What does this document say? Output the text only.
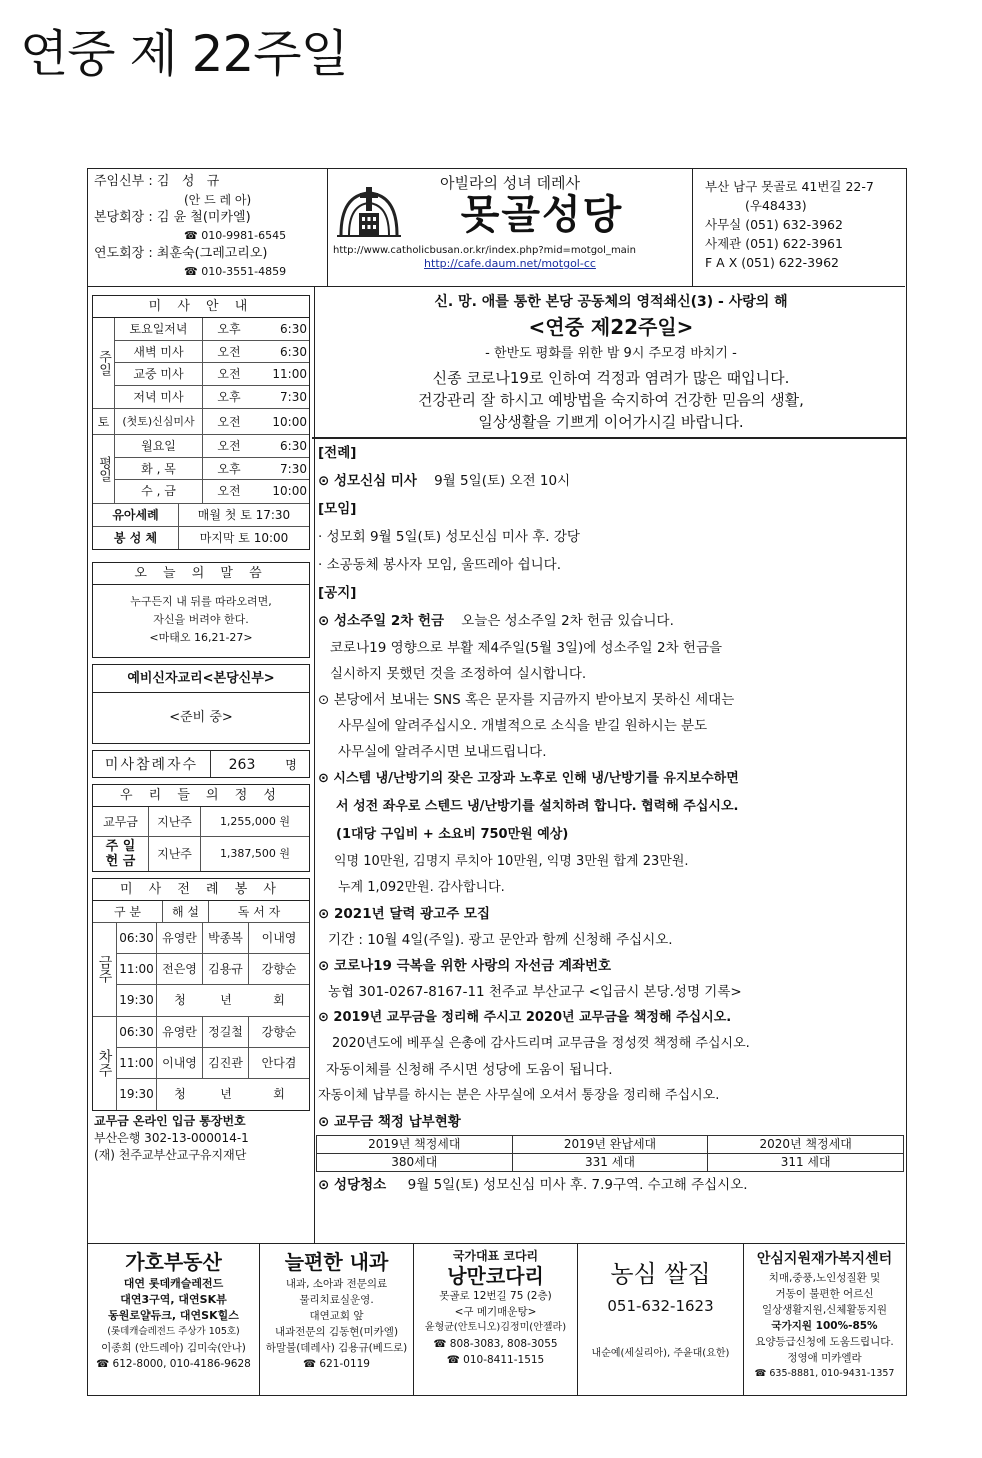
연중 제 22주일
주임신부 : 김   성   규
(안 드 레 아)
본당회장 : 김 윤 철(미카엘)
☎ 010-9981-6545
연도회장 : 최훈숙(그레고리오)
☎ 010-3551-4859
아빌라의 성녀 데레사
못골성당
http://www.catholicbusan.or.kr/index.php?mid=motgol_main
http://cafe.daum.net/motgol-cc
부산 남구 못골로 41번길 22-7
(우48433)
사무실 (051) 632-3962
사제관 (051) 622-3961
F A X (051) 622-3962
미 사 안 내
주일
토요일저녁	오후	6:30
새벽 미사	오전	6:30
교중 미사	오전	11:00
저녁 미사	오후	7:30
토	(첫토)신심미사	오전	10:00
평일
월요일	오전	6:30
화 , 목	오후	7:30
수 , 금	오전	10:00
유아세례	매월 첫 토 17:30
봉 성 체	마지막 토 10:00
오 늘 의 말 씀
누구든지 내 뒤를 따라오려면,
자신을 버려야 한다.
<마태오 16,21-27>
예비신자교리<본당신부>
<준비 중>
미사참례자수	263	명
우 리 들 의 정 성
교무금	지난주	1,255,000 원
주 일
헌 금	지난주	1,387,500 원
미 사 전 례 봉 사
구 분	해 설	독 서 자
금주
06:30 유영란 박종복	이내영
11:00 전은영 김용규	강향순
19:30	청	년	회
차주
06:30 유영란 정길철	강향순
11:00 이내영 김진관	안다겸
19:30	청	년	회
교무금 온라인 입금 통장번호
부산은행 302-13-000014-1
(재) 천주교부산교구유지재단
신. 망. 애를 통한 본당 공동체의 영적쇄신(3) - 사랑의 해
<연중 제22주일>
- 한반도 평화를 위한 밤 9시 주모경 바치기 -
신종 코로나19로 인하여 걱정과 염려가 많은 때입니다.
건강관리 잘 하시고 예방법을 숙지하여 건강한 믿음의 생활,
일상생활을 기쁘게 이어가시길 바랍니다.
[전례]
⊙ 성모신심 미사 9월 5일(토) 오전 10시
[모임]
· 성모회 9월 5일(토) 성모신심 미사 후. 강당
· 소공동체 봉사자 모임, 울뜨레아 쉽니다.
[공지]
⊙ 성소주일 2차 헌금 오늘은 성소주일 2차 헌금 있습니다.
코로나19 영향으로 부활 제4주일(5월 3일)에 성소주일 2차 헌금을
실시하지 못했던 것을 조정하여 실시합니다.
⊙ 본당에서 보내는 SNS 혹은 문자를 지금까지 받아보지 못하신 세대는
사무실에 알려주십시오. 개별적으로 소식을 받길 원하시는 분도
사무실에 알려주시면 보내드립니다.
⊙ 시스템 냉/난방기의 잦은 고장과 노후로 인해 냉/난방기를 유지보수하면
서 성전 좌우로 스텐드 냉/난방기를 설치하려 합니다. 협력해 주십시오.
(1대당 구입비 + 소요비 750만원 예상)
익명 10만원, 김명지 루치아 10만원, 익명 3만원 합계 23만원.
누계 1,092만원. 감사합니다.
⊙ 2021년 달력 광고주 모집
기간 : 10월 4일(주일). 광고 문안과 함께 신청해 주십시오.
⊙ 코로나19 극복을 위한 사랑의 자선금 계좌번호
농협 301-0267-8167-11 천주교 부산교구 <입금시 본당.성명 기록>
⊙ 2019년 교무금을 정리해 주시고 2020년 교무금을 책정해 주십시오.
2020년도에 베푸실 은총에 감사드리며 교무금을 정성껏 책정해 주십시오.
자동이체를 신청해 주시면 성당에 도움이 됩니다.
자동이체 납부를 하시는 분은 사무실에 오셔서 통장을 정리해 주십시오.
⊙ 교무금 책정 납부현황
2019년 책정세대	2019년 완납세대	2020년 책정세대
380세대	331 세대	311 세대
⊙ 성당청소 9월 5일(토) 성모신심 미사 후. 7.9구역. 수고해 주십시오.
가호부동산
대연 롯데캐슬레전드
대연3구역, 대연SK뷰
동원로얄듀크, 대연SK힐스
(롯데캐슬레전드 주상가 105호)
이종희 (안드레아) 김미숙(안나)
☎ 612-8000, 010-4186-9628
늘편한 내과
내과, 소아과 전문의료
물리치료실운영.
대연교회 앞
내과전문의 김동현(미카엘)
하말불(데레사) 김용규(베드로)
☎ 621-0119
국가대표 코다리
낭만코다리
못골로 12번길 75 (2층)
<구 메기매운탕>
윤형균(안토니오)김정미(안젤라)
☎ 808-3083, 808-3055
☎ 010-8411-1515
농심 쌀집
051-632-1623
내순예(세실리아), 주윤대(요한)
안심지원재가복지센터
치매,중풍,노인성질환 및
거동이 불편한 어르신
일상생활지원,신체활동지원
국가지원 100%-85%
요양등급신청에 도움드립니다.
정영애 미카엘라
☎ 635-8881, 010-9431-1357
